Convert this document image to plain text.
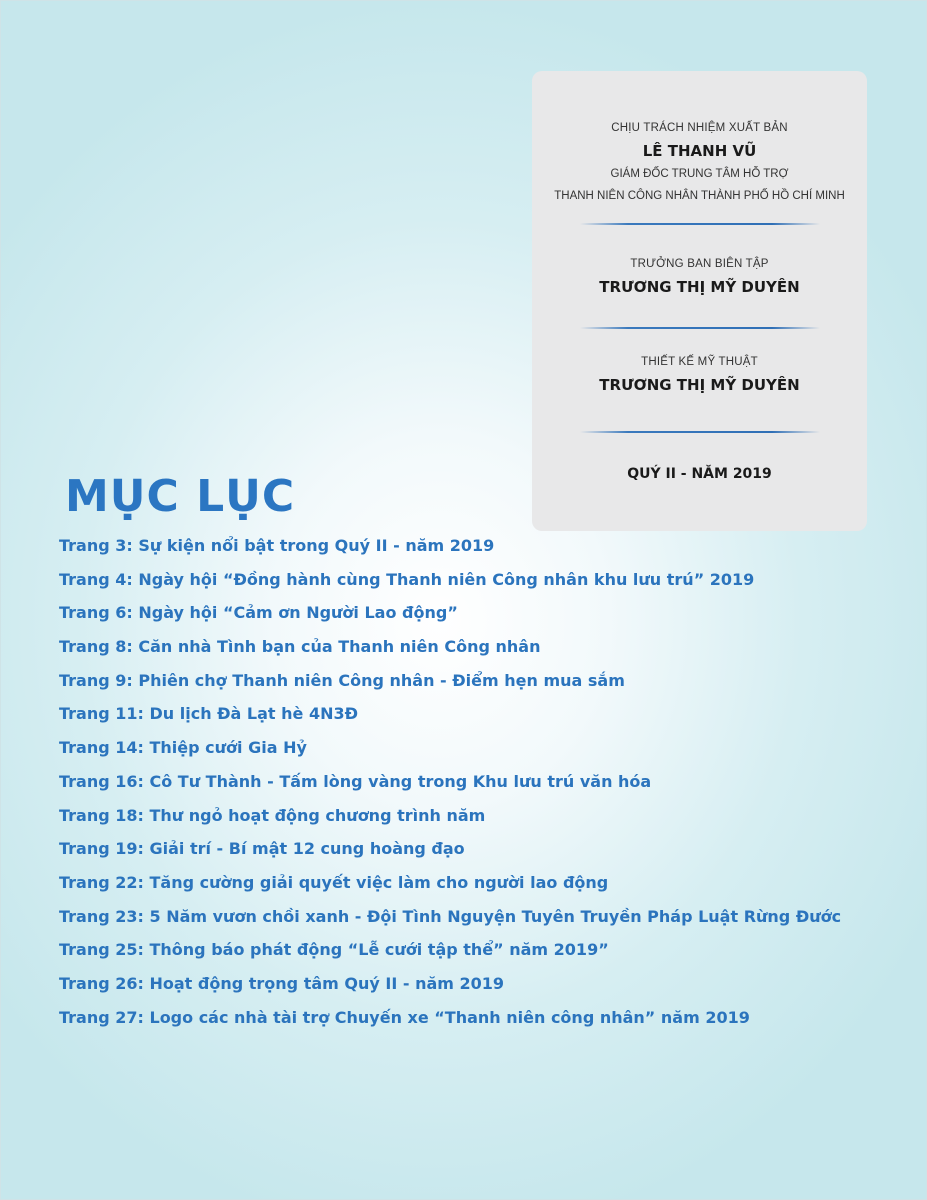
CHỊU TRÁCH NHIỆM XUẤT BẢN
LÊ THANH VŨ
GIÁM ĐỐC TRUNG TÂM HỖ TRỢ
THANH NIÊN CÔNG NHÂN THÀNH PHỐ HỒ CHÍ MINH
TRƯỞNG BAN BIÊN TẬP
TRƯƠNG THỊ MỸ DUYÊN
THIẾT KẾ MỸ THUẬT
TRƯƠNG THỊ MỸ DUYÊN
QUÝ II - NĂM 2019
MỤC LỤC
Trang 3: Sự kiện nổi bật trong Quý II - năm 2019
Trang 4: Ngày hội “Đồng hành cùng Thanh niên Công nhân khu lưu trú” 2019
Trang 6: Ngày hội “Cảm ơn Người Lao động”
Trang 8: Căn nhà Tình bạn của Thanh niên Công nhân
Trang 9: Phiên chợ Thanh niên Công nhân - Điểm hẹn mua sắm
Trang 11: Du lịch Đà Lạt hè 4N3Đ
Trang 14: Thiệp cưới Gia Hỷ
Trang 16: Cô Tư Thành - Tấm lòng vàng trong Khu lưu trú văn hóa
Trang 18: Thư ngỏ hoạt động chương trình năm
Trang 19: Giải trí - Bí mật 12 cung hoàng đạo
Trang 22: Tăng cường giải quyết việc làm cho người lao động
Trang 23: 5 Năm vươn chồi xanh - Đội Tình Nguyện Tuyên Truyền Pháp Luật Rừng Đước
Trang 25: Thông báo phát động “Lễ cưới tập thể” năm 2019”
Trang 26: Hoạt động trọng tâm Quý II - năm 2019
Trang 27: Logo các nhà tài trợ Chuyến xe “Thanh niên công nhân” năm 2019
